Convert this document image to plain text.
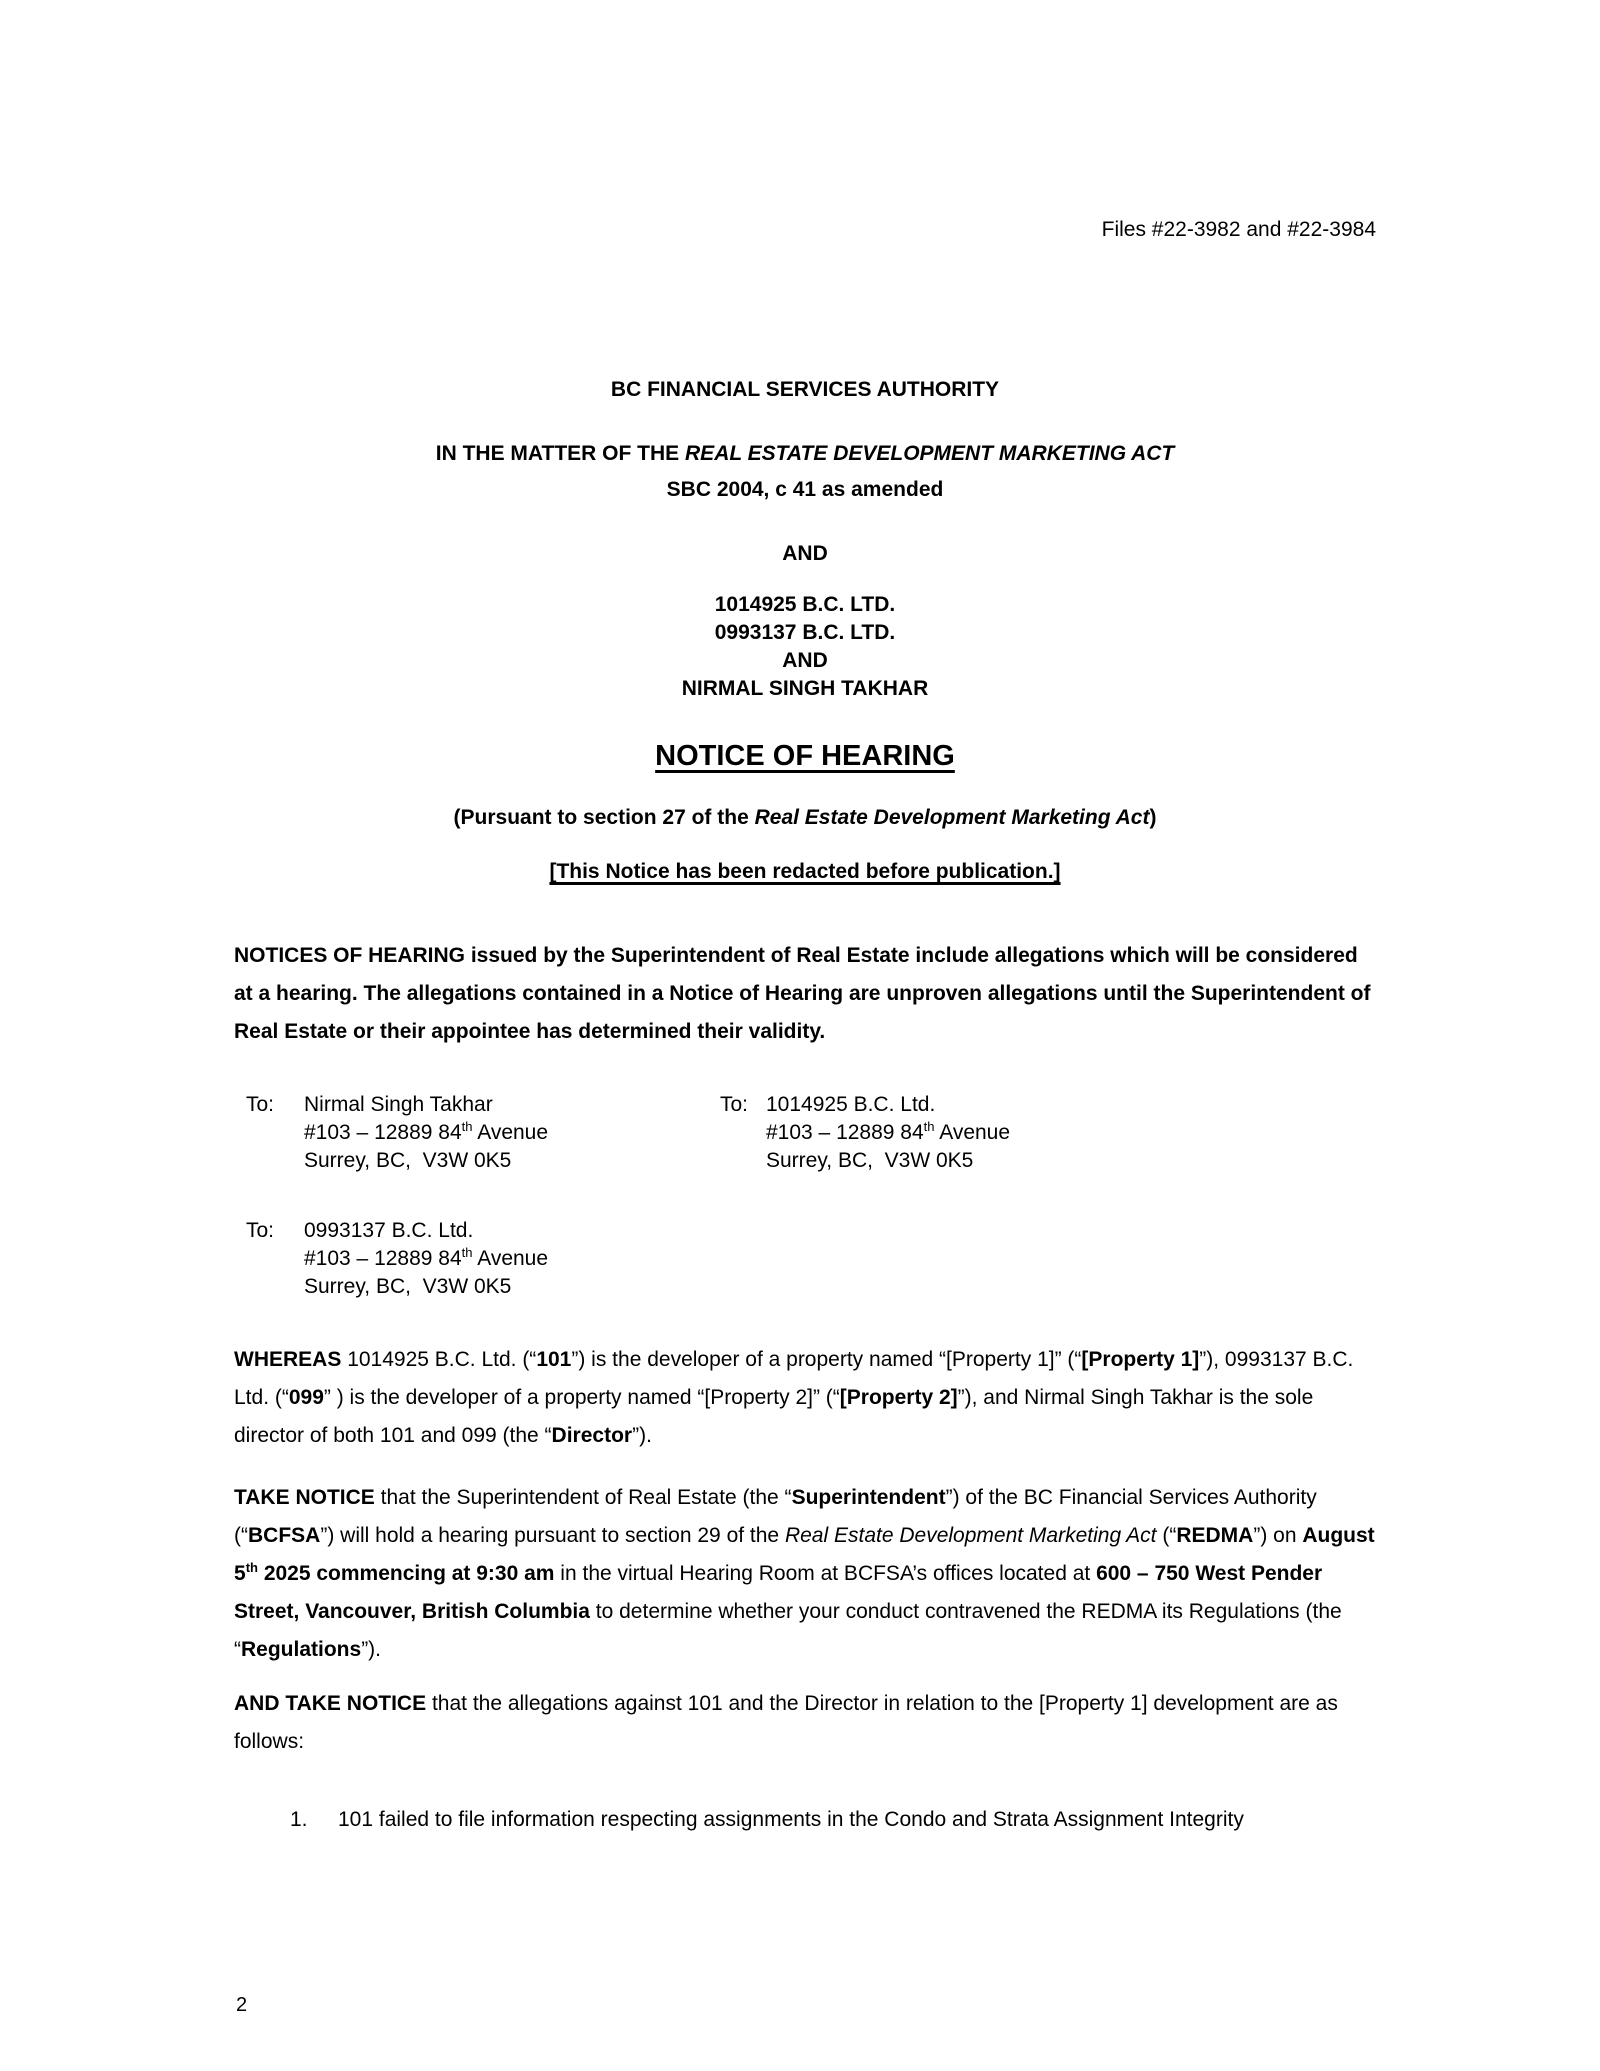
Files #22-3982 and #22-3984

BC FINANCIAL SERVICES AUTHORITY

IN THE MATTER OF THE REAL ESTATE DEVELOPMENT MARKETING ACT

SBC 2004, c 41 as amended

AND

1014925 B.C. LTD.

0993137 B.C. LTD.

AND

NIRMAL SINGH TAKHAR

NOTICE OF HEARING

(Pursuant to section 27 of the Real Estate Development Marketing Act)

[This Notice has been redacted before publication.]

NOTICES OF HEARING issued by the Superintendent of Real Estate include allegations which will be considered at a hearing. The allegations contained in a Notice of Hearing are unproven allegations until the Superintendent of Real Estate or their appointee has determined their validity.

To:	Nirmal Singh Takhar
#103 – 12889 84th Avenue
Surrey, BC,  V3W 0K5
To: 1014925 B.C. Ltd.
#103 – 12889 84th Avenue
Surrey, BC,  V3W 0K5
To:	0993137 B.C. Ltd.
#103 – 12889 84th Avenue
Surrey, BC,  V3W 0K5

WHEREAS 1014925 B.C. Ltd. (“101”) is the developer of a property named “[Property 1]” (“[Property 1]”), 0993137 B.C. Ltd. (“099” ) is the developer of a property named “[Property 2]” (“[Property 2]”), and Nirmal Singh Takhar is the sole director of both 101 and 099 (the “Director”).

TAKE NOTICE that the Superintendent of Real Estate (the “Superintendent”) of the BC Financial Services Authority (“BCFSA”) will hold a hearing pursuant to section 29 of the Real Estate Development Marketing Act (“REDMA”) on August 5th 2025 commencing at 9:30 am in the virtual Hearing Room at BCFSA’s offices located at 600 – 750 West Pender Street, Vancouver, British Columbia to determine whether your conduct contravened the REDMA its Regulations (the “Regulations”).

AND TAKE NOTICE that the allegations against 101 and the Director in relation to the [Property 1] development are as follows:

1.	101 failed to file information respecting assignments in the Condo and Strata Assignment Integrity
2
